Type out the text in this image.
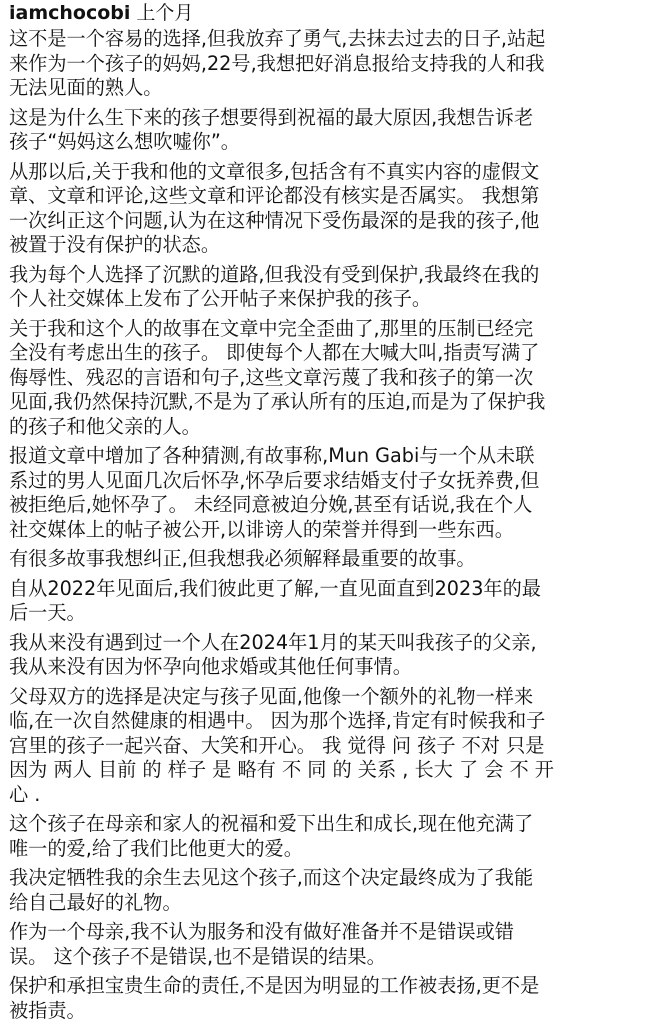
iamchocobi 上个月

这不是一个容易的选择,但我放弃了勇气,去抹去过去的日子,站起
来作为一个孩子的妈妈,22号,我想把好消息报给支持我的人和我
无法见面的熟人。

这是为什么生下来的孩子想要得到祝福的最大原因,我想告诉老
孩子“妈妈这么想吹嘘你”。

从那以后,关于我和他的文章很多,包括含有不真实内容的虚假文
章、文章和评论,这些文章和评论都没有核实是否属实。 我想第
一次纠正这个问题,认为在这种情况下受伤最深的是我的孩子,他
被置于没有保护的状态。

我为每个人选择了沉默的道路,但我没有受到保护,我最终在我的
个人社交媒体上发布了公开帖子来保护我的孩子。

关于我和这个人的故事在文章中完全歪曲了,那里的压制已经完
全没有考虑出生的孩子。 即使每个人都在大喊大叫,指责写满了
侮辱性、残忍的言语和句子,这些文章污蔑了我和孩子的第一次
见面,我仍然保持沉默,不是为了承认所有的压迫,而是为了保护我
的孩子和他父亲的人。

报道文章中增加了各种猜测,有故事称,Mun Gabi与一个从未联
系过的男人见面几次后怀孕,怀孕后要求结婚支付子女抚养费,但
被拒绝后,她怀孕了。 未经同意被迫分娩,甚至有话说,我在个人
社交媒体上的帖子被公开,以诽谤人的荣誉并得到一些东西。

有很多故事我想纠正,但我想我必须解释最重要的故事。

自从2022年见面后,我们彼此更了解,一直见面直到2023年的最
后一天。

我从来没有遇到过一个人在2024年1月的某天叫我孩子的父亲,
我从来没有因为怀孕向他求婚或其他任何事情。

父母双方的选择是决定与孩子见面,他像一个额外的礼物一样来
临,在一次自然健康的相遇中。 因为那个选择,肯定有时候我和子
宫里的孩子一起兴奋、大笑和开心。 我 觉得 问 孩子 不对 只是
因为 两人 目前 的 样子 是 略有 不 同 的 关系 , 长大 了 会 不 开
心 .

这个孩子在母亲和家人的祝福和爱下出生和成长,现在他充满了
唯一的爱,给了我们比他更大的爱。

我决定牺牲我的余生去见这个孩子,而这个决定最终成为了我能
给自己最好的礼物。

作为一个母亲,我不认为服务和没有做好准备并不是错误或错
误。 这个孩子不是错误,也不是错误的结果。

保护和承担宝贵生命的责任,不是因为明显的工作被表扬,更不是
被指责。
